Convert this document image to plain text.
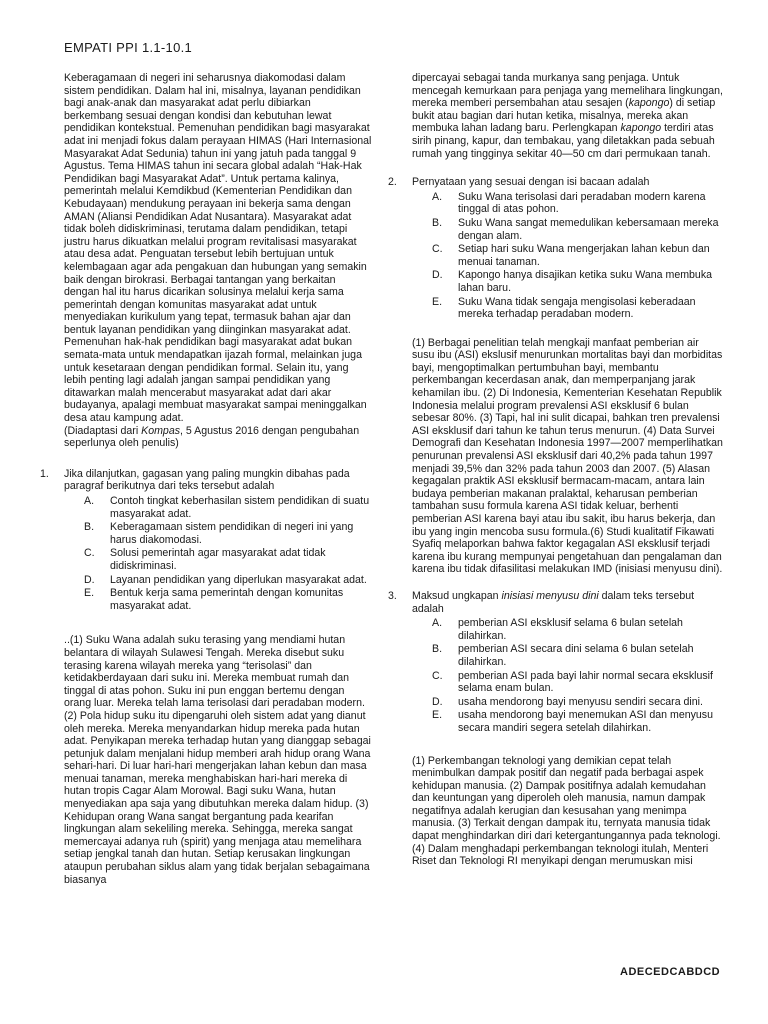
EMPATI PPI 1.1-10.1

Keberagamaan di negeri ini seharusnya diakomodasi dalam sistem pendidikan. Dalam hal ini, misalnya, layanan pendidikan bagi anak-anak dan masyarakat adat perlu dibiarkan berkembang sesuai dengan kondisi dan kebutuhan lewat pendidikan kontekstual. Pemenuhan pendidikan bagi masyarakat adat ini menjadi fokus dalam perayaan HIMAS (Hari Internasional Masyarakat Adat Sedunia) tahun ini yang jatuh pada tanggal 9 Agustus. Tema HIMAS tahun ini secara global adalah “Hak-Hak Pendidikan bagi Masyarakat Adat”. Untuk pertama kalinya, pemerintah melalui Kemdikbud (Kementerian Pendidikan dan Kebudayaan) mendukung perayaan ini bekerja sama dengan AMAN (Aliansi Pendidikan Adat Nusantara). Masyarakat adat tidak boleh didiskriminasi, terutama dalam pendidikan, tetapi justru harus dikuatkan melalui program revitalisasi masyarakat atau desa adat. Penguatan tersebut lebih bertujuan untuk kelembagaan agar ada pengakuan dan hubungan yang semakin baik dengan birokrasi. Berbagai tantangan yang berkaitan dengan hal itu harus dicarikan solusinya melalui kerja sama pemerintah dengan komunitas masyarakat adat untuk menyediakan kurikulum yang tepat, termasuk bahan ajar dan bentuk layanan pendidikan yang diinginkan masyarakat adat. Pemenuhan hak-hak pendidikan bagi masyarakat adat bukan semata-mata untuk mendapatkan ijazah formal, melainkan juga untuk kesetaraan dengan pendidikan formal. Selain itu, yang lebih penting lagi adalah jangan sampai pendidikan yang ditawarkan malah mencerabut masyarakat adat dari akar budayanya, apalagi membuat masyarakat sampai meninggalkan desa atau kampung adat.

(Diadaptasi dari Kompas, 5 Agustus 2016 dengan pengubahan seperlunya oleh penulis)

1.	Jika dilanjutkan, gagasan yang paling mungkin dibahas pada paragraf berikutnya dari teks tersebut adalah
A.	Contoh tingkat keberhasilan sistem pendidikan di suatu masyarakat adat.
B.	Keberagamaan sistem pendidikan di negeri ini yang harus diakomodasi.
C.	Solusi pemerintah agar masyarakat adat tidak didiskriminasi.
D.	Layanan pendidikan yang diperlukan masyarakat adat.
E.	Bentuk kerja sama pemerintah dengan komunitas masyarakat adat.

..(1) Suku Wana adalah suku terasing yang mendiami hutan belantara di wilayah Sulawesi Tengah. Mereka disebut suku terasing karena wilayah mereka yang “terisolasi” dan ketidakberdayaan dari suku ini. Mereka membuat rumah dan tinggal di atas pohon. Suku ini pun enggan bertemu dengan orang luar. Mereka telah lama terisolasi dari peradaban modern. (2) Pola hidup suku itu dipengaruhi oleh sistem adat yang dianut oleh mereka. Mereka menyandarkan hidup mereka pada hutan adat. Penyikapan mereka terhadap hutan yang dianggap sebagai petunjuk dalam menjalani hidup memberi arah hidup orang Wana sehari-hari. Di luar hari-hari mengerjakan lahan kebun dan masa menuai tanaman, mereka menghabiskan hari-hari mereka di hutan tropis Cagar Alam Morowal. Bagi suku Wana, hutan menyediakan apa saja yang dibutuhkan mereka dalam hidup. (3) Kehidupan orang Wana sangat bergantung pada kearifan lingkungan alam sekeliling mereka. Sehingga, mereka sangat memercayai adanya ruh (spirit) yang menjaga atau memelihara setiap jengkal tanah dan hutan. Setiap kerusakan lingkungan ataupun perubahan siklus alam yang tidak berjalan sebagaimana biasanya

dipercayai sebagai tanda murkanya sang penjaga. Untuk mencegah kemurkaan para penjaga yang memelihara lingkungan, mereka memberi persembahan atau sesajen (kapongo) di setiap bukit atau bagian dari hutan ketika, misalnya, mereka akan membuka lahan ladang baru. Perlengkapan kapongo terdiri atas sirih pinang, kapur, dan tembakau, yang diletakkan pada sebuah rumah yang tingginya sekitar 40—50 cm dari permukaan tanah.

2.	Pernyataan yang sesuai dengan isi bacaan adalah
A.	Suku Wana terisolasi dari peradaban modern karena tinggal di atas pohon.
B.	Suku Wana sangat memedulikan kebersamaan mereka dengan alam.
C.	Setiap hari suku Wana mengerjakan lahan kebun dan menuai tanaman.
D.	Kapongo hanya disajikan ketika suku Wana membuka lahan baru.
E.	Suku Wana tidak sengaja mengisolasi keberadaan mereka terhadap peradaban modern.

(1) Berbagai penelitian telah mengkaji manfaat pemberian air susu ibu (ASI) ekslusif menurunkan mortalitas bayi dan morbiditas bayi, mengoptimalkan pertumbuhan bayi, membantu perkembangan kecerdasan anak, dan memperpanjang jarak kehamilan ibu. (2) Di Indonesia, Kementerian Kesehatan Republik Indonesia melalui program prevalensi ASI eksklusif 6 bulan sebesar 80%. (3) Tapi, hal ini sulit dicapai, bahkan tren prevalensi ASI eksklusif dari tahun ke tahun terus menurun. (4) Data Survei Demografi dan Kesehatan Indonesia 1997—2007 memperlihatkan penurunan prevalensi ASI eksklusif dari 40,2% pada tahun 1997 menjadi 39,5% dan 32% pada tahun 2003 dan 2007. (5) Alasan kegagalan praktik ASI eksklusif bermacam-macam, antara lain budaya pemberian makanan pralaktal, keharusan pemberian tambahan susu formula karena ASI tidak keluar, berhenti pemberian ASI karena bayi atau ibu sakit, ibu harus bekerja, dan ibu yang ingin mencoba susu formula.(6) Studi kualitatif Fikawati Syafiq melaporkan bahwa faktor kegagalan ASI eksklusif terjadi karena ibu kurang mempunyai pengetahuan dan pengalaman dan karena ibu tidak difasilitasi melakukan IMD (inisiasi menyusu dini).

3.	Maksud ungkapan inisiasi menyusu dini dalam teks tersebut adalah
A.	pemberian ASI eksklusif selama 6 bulan setelah dilahirkan.
B.	pemberian ASI secara dini selama 6 bulan setelah dilahirkan.
C.	pemberian ASI pada bayi lahir normal secara eksklusif selama enam bulan.
D.	usaha mendorong bayi menyusu sendiri secara dini.
E.	usaha mendorong bayi menemukan ASI dan menyusu secara mandiri segera setelah dilahirkan.

(1) Perkembangan teknologi yang demikian cepat telah menimbulkan dampak positif dan negatif pada berbagai aspek kehidupan manusia. (2) Dampak positifnya adalah kemudahan dan keuntungan yang diperoleh oleh manusia, namun dampak negatifnya adalah kerugian dan kesusahan yang menimpa manusia. (3) Terkait dengan dampak itu, ternyata manusia tidak dapat menghindarkan diri dari ketergantungannya pada teknologi. (4) Dalam menghadapi perkembangan teknologi itulah, Menteri Riset dan Teknologi RI menyikapi dengan merumuskan misi

ADECEDCABDCD
